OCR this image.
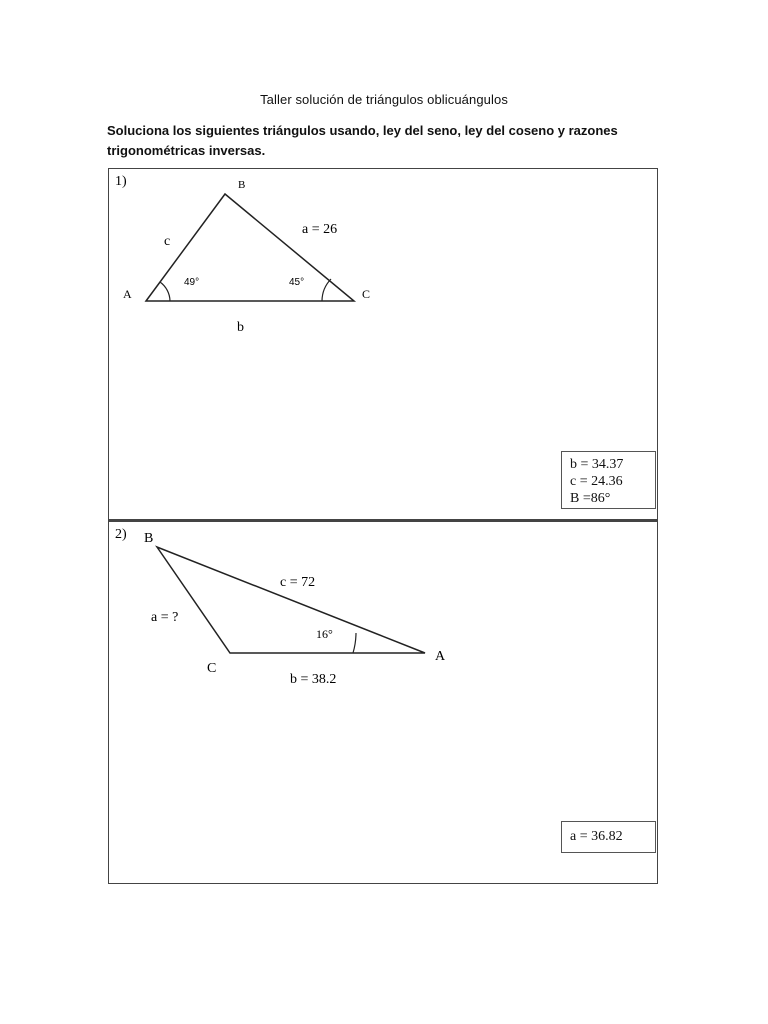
Taller solución de triángulos oblicuángulos
Soluciona los siguientes triángulos usando, ley del seno, ley del coseno y razones trigonométricas inversas.
1)	B
A	C
a = 26
b
c
49°	45°
b = 34.37
c = 24.36
B =86°
2) B
C
A
a = ?
b = 38.2
c = 72
16°
a = 36.82
